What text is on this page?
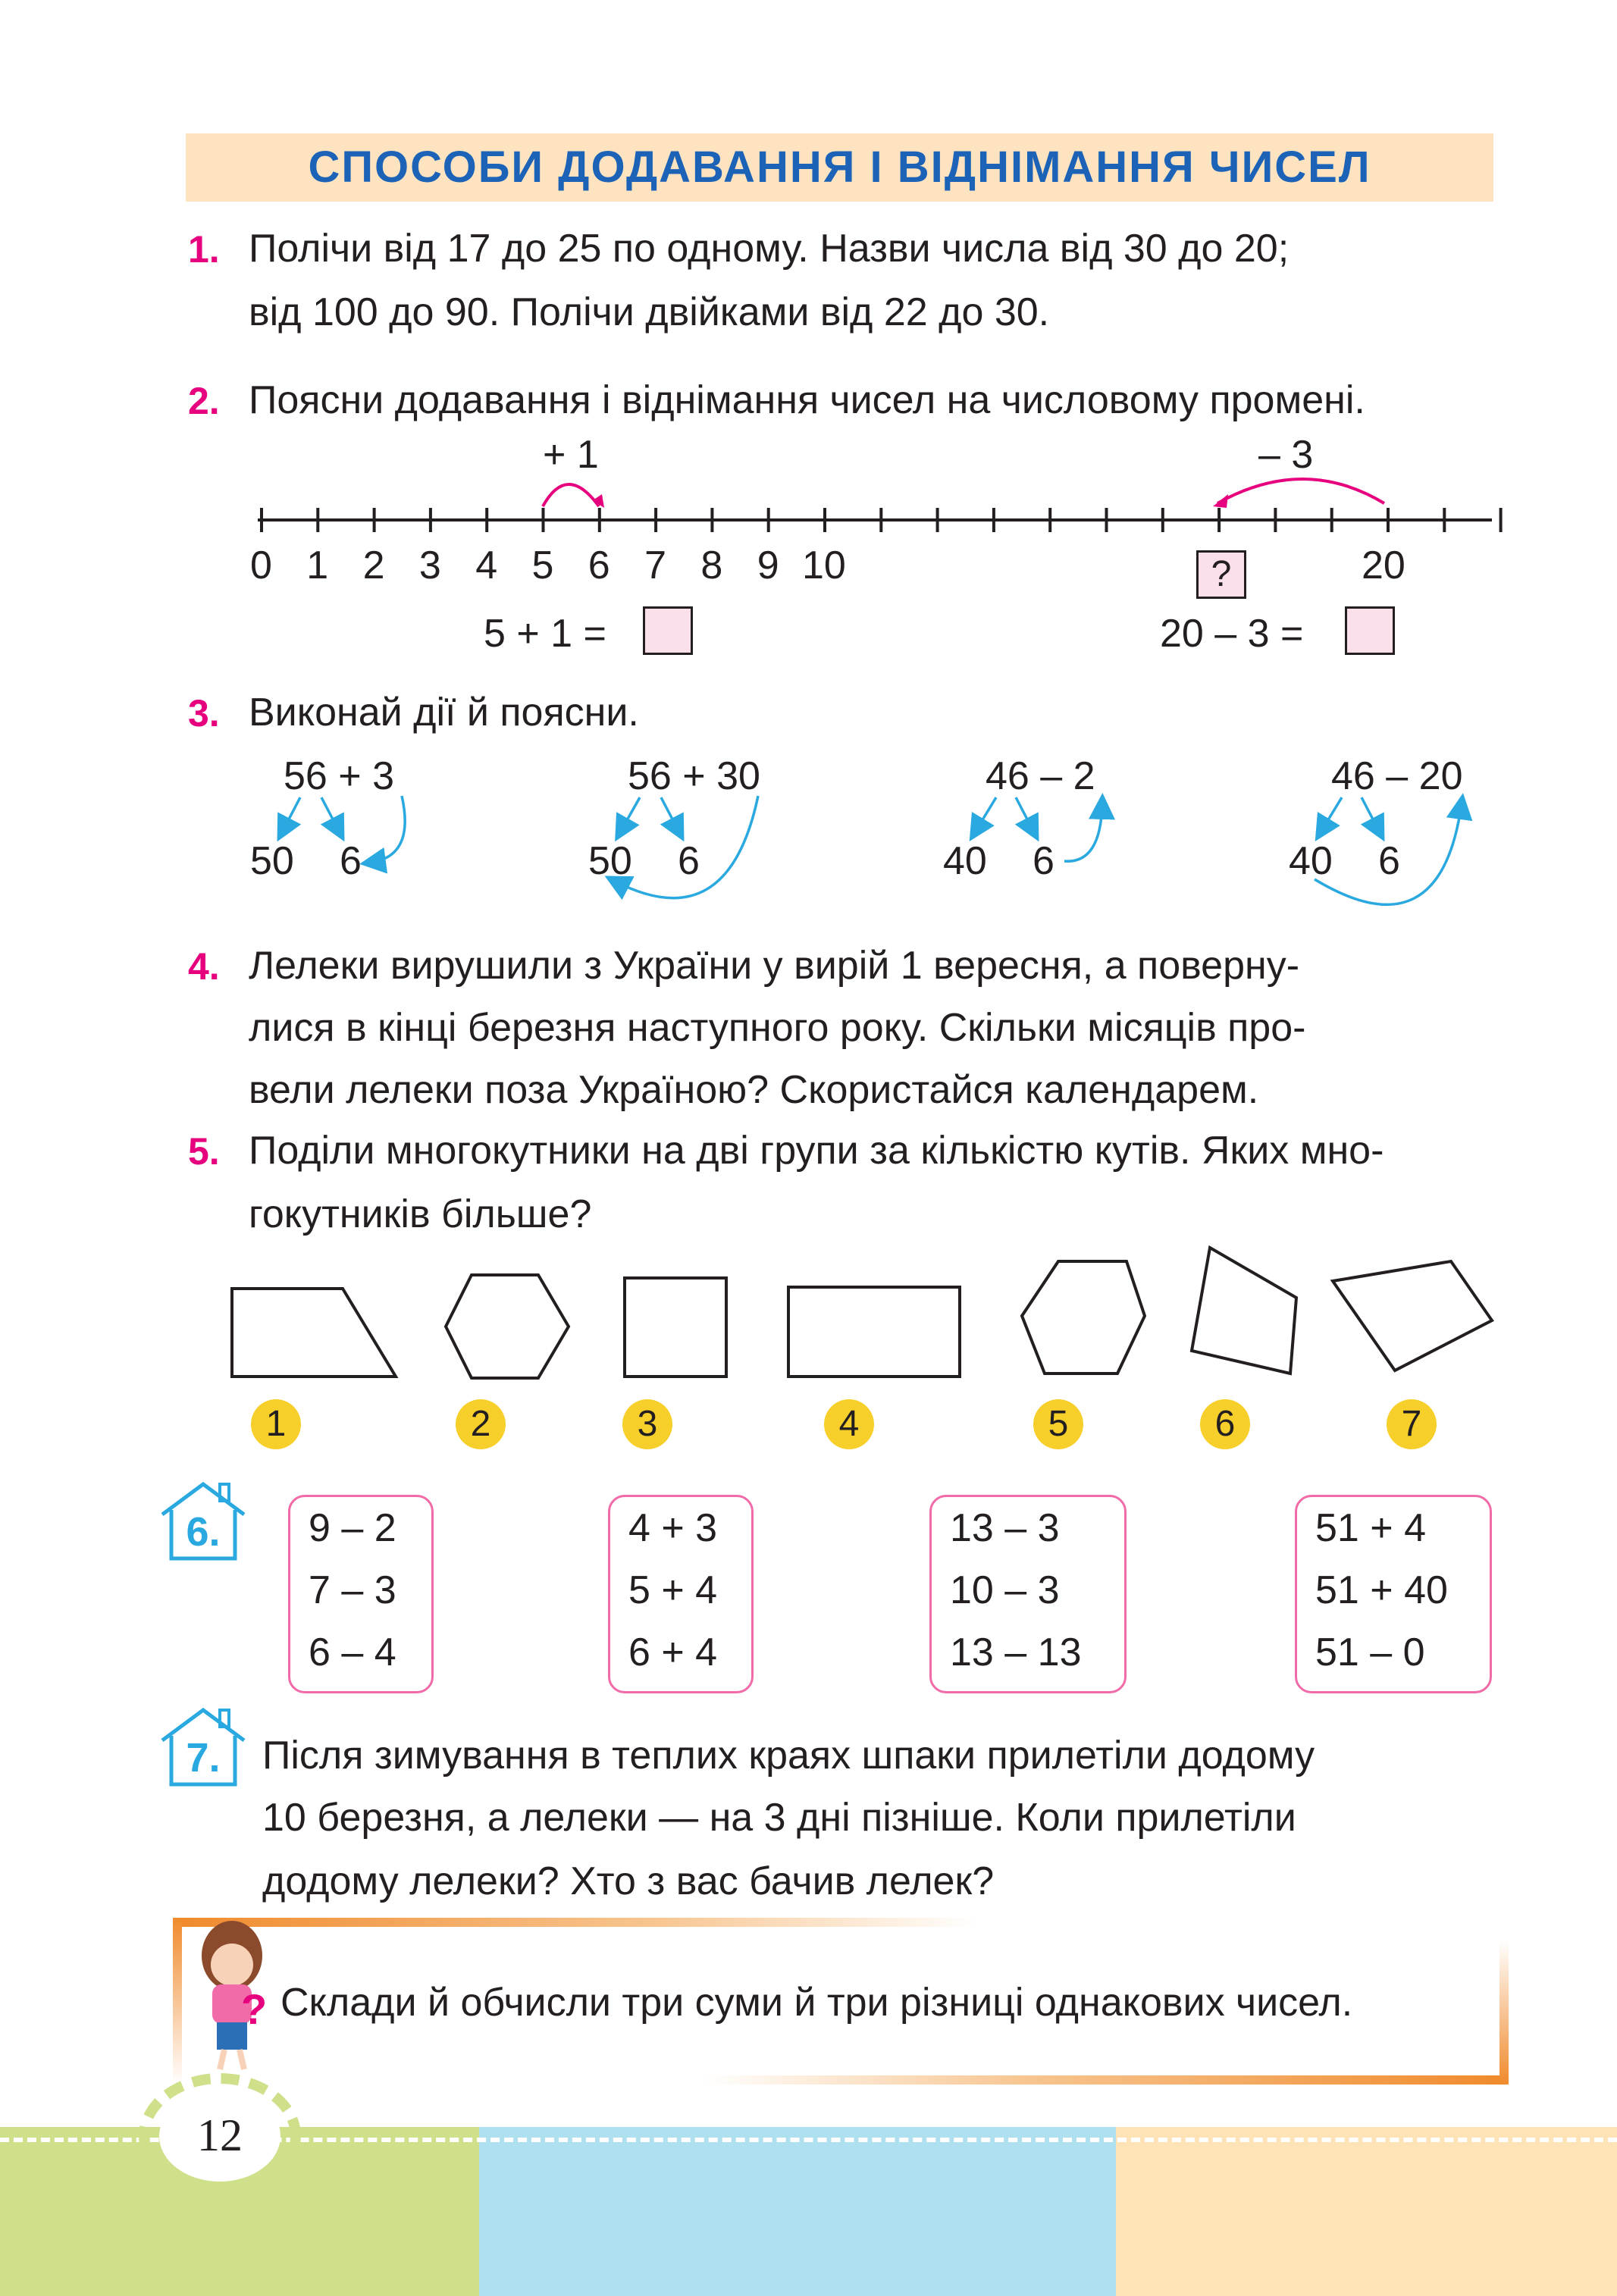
СПОСОБИ ДОДАВАННЯ І ВІДНІМАННЯ ЧИСЕЛ
1. Полічи від 17 до 25 по одному. Назви числа від 30 до 20;
від 100 до 90. Полічи двійками від 22 до 30.
2. Поясни додавання і віднімання чисел на числовому промені.
+ 1	– 3
0 1 2 3 4 5 6 7 8 9 10	?	20
5 + 1 =	20 – 3 =
3. Виконай дії й поясни.
56 + 3
50 6
56 + 30
50 6
46 – 2
40 6
46 – 20
40 6
4. Лелеки вирушили з України у вирій 1 вересня, а поверну-
лися в кінці березня наступного року. Скільки місяців про-
вели лелеки поза Україною? Скористайся календарем.
5. Поділи многокутники на дві групи за кількістю кутів. Яких мно-
гокутників більше?
1	2	3	4	5	6	7
6.	9 – 2
7 – 3
6 – 4
4 + 3
5 + 4
6 + 4
13 – 3
10 – 3
13 – 13
51 + 4
51 + 40
51 – 0
7.	Після зимування в теплих краях шпаки прилетіли додому
10 березня, а лелеки — на 3 дні пізніше. Коли прилетіли
додому лелеки? Хто з вас бачив лелек?
? Склади й обчисли три суми й три різниці однакових чисел.
12
